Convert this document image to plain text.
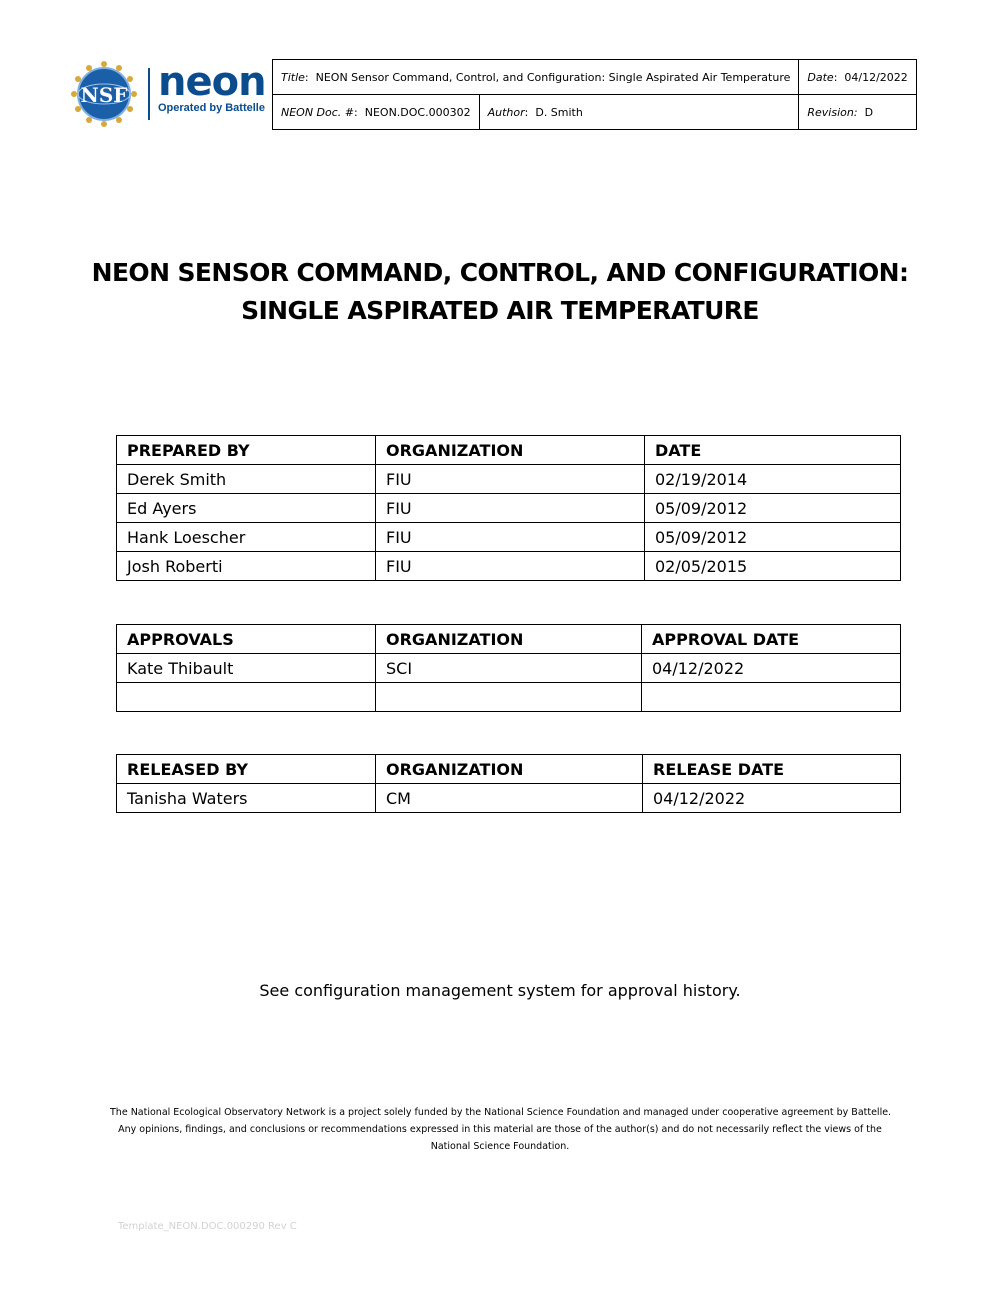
NSF neon
Operated by Battelle
Title:  NEON Sensor Command, Control, and Configuration: Single Aspirated Air Temperature		Date:  04/12/2022
NEON Doc. #:  NEON.DOC.000302	Author:  D. Smith	Revision: D
NEON SENSOR COMMAND, CONTROL, AND CONFIGURATION:
SINGLE ASPIRATED AIR TEMPERATURE
PREPARED BY	ORGANIZATION	DATE
Derek Smith	FIU	02/19/2014
Ed Ayers	FIU	05/09/2012
Hank Loescher	FIU	05/09/2012
Josh Roberti	FIU	02/05/2015
APPROVALS	ORGANIZATION	APPROVAL DATE
Kate Thibault	SCI	04/12/2022

RELEASED BY	ORGANIZATION	RELEASE DATE
Tanisha Waters	CM	04/12/2022
See configuration management system for approval history.
The National Ecological Observatory Network is a project solely funded by the National Science Foundation and managed under cooperative agreement by Battelle.
Any opinions, findings, and conclusions or recommendations expressed in this material are those of the author(s) and do not necessarily reflect the views of the
National Science Foundation.
Template_NEON.DOC.000290 Rev C
